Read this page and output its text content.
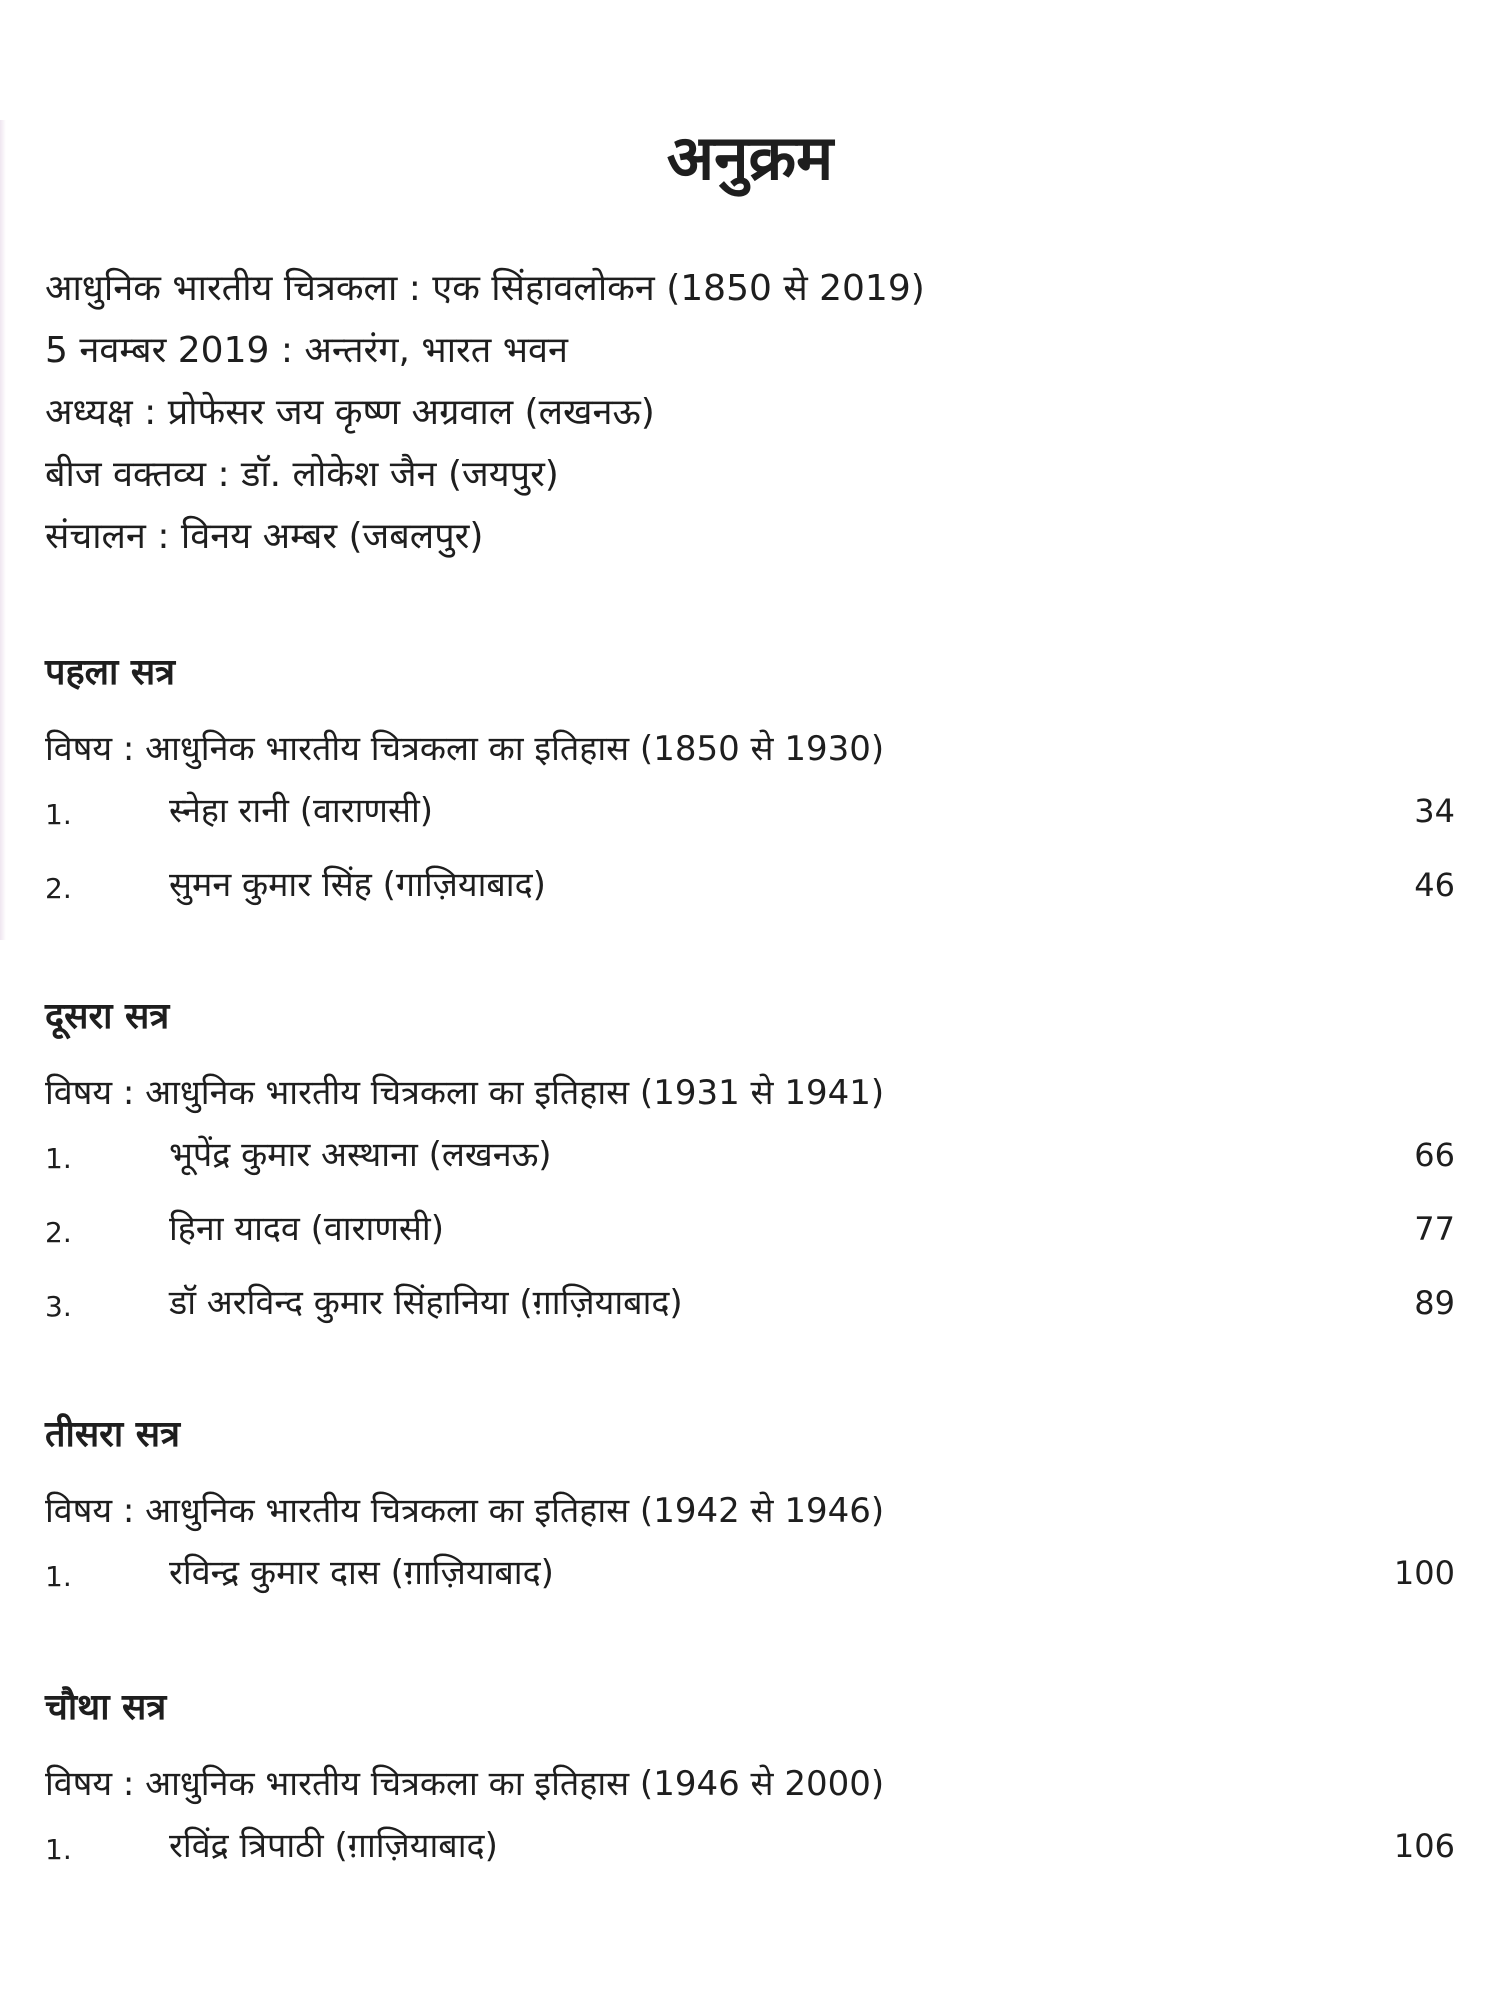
अनुक्रम
आधुनिक भारतीय चित्रकला : एक सिंहावलोकन (1850 से 2019)
5 नवम्बर 2019 : अन्तरंग, भारत भवन
अध्यक्ष : प्रोफेसर जय कृष्ण अग्रवाल (लखनऊ)
बीज वक्तव्य : डॉ. लोकेश जैन (जयपुर)
संचालन : विनय अम्बर (जबलपुर)
पहला सत्र
विषय : आधुनिक भारतीय चित्रकला का इतिहास (1850 से 1930)
1.	स्नेहा रानी (वाराणसी)	34
2.	सुमन कुमार सिंह (गाज़ियाबाद)	46
दूसरा सत्र
विषय : आधुनिक भारतीय चित्रकला का इतिहास (1931 से 1941)
1.	भूपेंद्र कुमार अस्थाना (लखनऊ)	66
2.	हिना यादव (वाराणसी)	77
3.	डॉ अरविन्द कुमार सिंहानिया (ग़ाज़ियाबाद)	89
तीसरा सत्र
विषय : आधुनिक भारतीय चित्रकला का इतिहास (1942 से 1946)
1.	रविन्द्र कुमार दास (ग़ाज़ियाबाद)	100
चौथा सत्र
विषय : आधुनिक भारतीय चित्रकला का इतिहास (1946 से 2000)
1.	रविंद्र त्रिपाठी (ग़ाज़ियाबाद)	106
